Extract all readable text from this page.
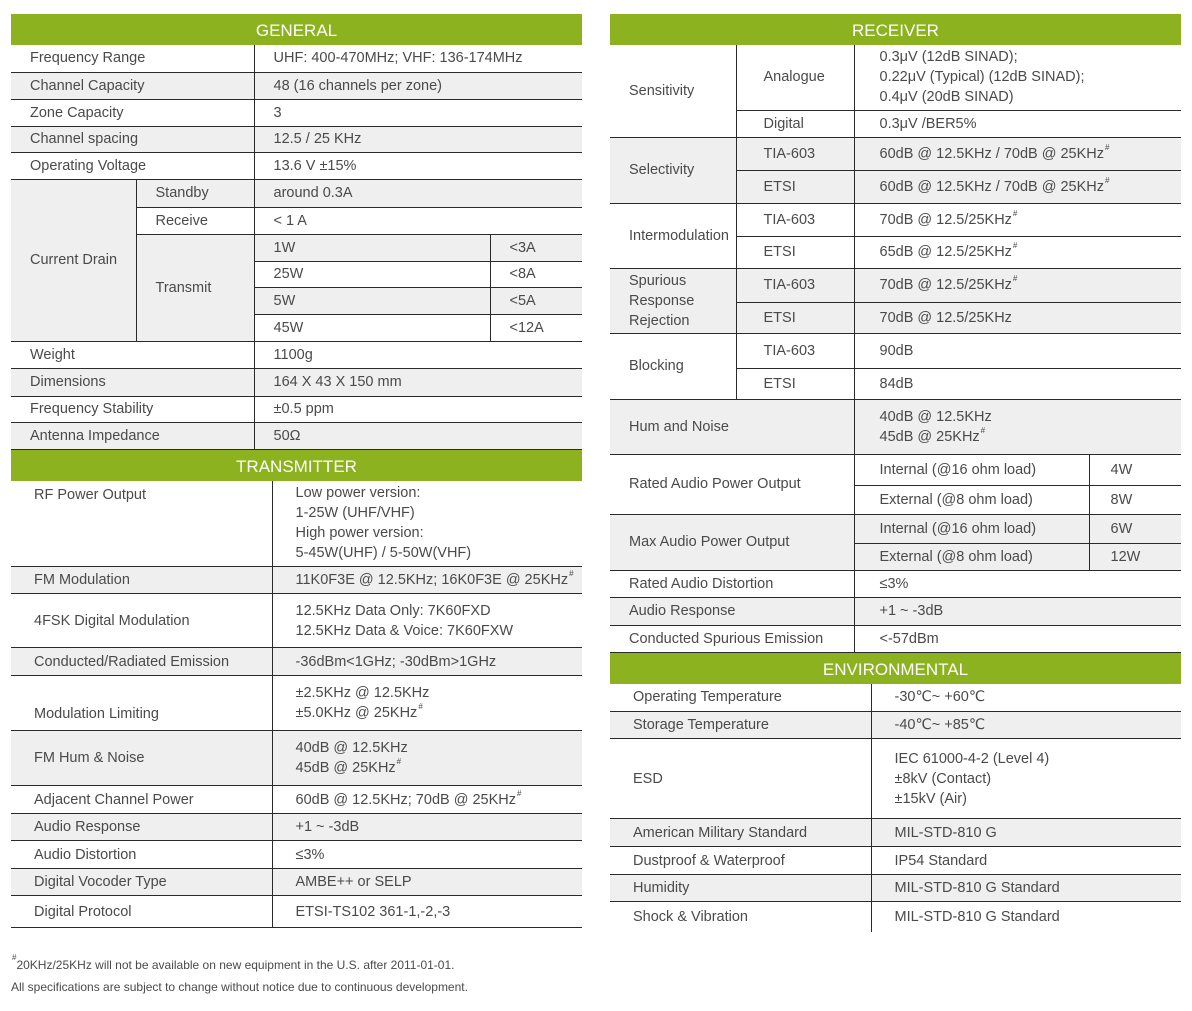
GENERAL
Frequency Range		UHF: 400-470MHz; VHF: 136-174MHz	
Channel Capacity		48 (16 channels per zone)	
Zone Capacity		3	
Channel spacing		12.5 / 25 KHz	
Operating Voltage		13.6 V ±15%	
Current Drain	Standby	around 0.3A	
	Receive	< 1 A	
	Transmit	1W	<3A
		25W	<8A
		5W	<5A
		45W	<12A
Weight		1100g	
Dimensions		164 X 43 X 150 mm	
Frequency Stability		±0.5 ppm	
Antenna Impedance		50Ω	
TRANSMITTER
RF Power Output	Low power version:
1-25W (UHF/VHF)
High power version:
5-45W(UHF) / 5-50W(VHF)

FM Modulation	11K0F3E @ 12.5KHz; 16K0F3E @ 25KHz#
4FSK Digital Modulation	12.5KHz Data Only: 7K60FXD
12.5KHz Data & Voice: 7K60FXW

Conducted/Radiated Emission	-36dBm<1GHz; -30dBm>1GHz
Modulation Limiting	±2.5KHz @ 12.5KHz
±5.0KHz @ 25KHz#

FM Hum & Noise	40dB @ 12.5KHz
45dB @ 25KHz#

Adjacent Channel Power	60dB @ 12.5KHz; 70dB @ 25KHz#
Audio Response	+1 ~ -3dB
Audio Distortion	≤3%
Digital Vocoder Type	AMBE++ or SELP
Digital Protocol	ETSI-TS102 361-1,-2,-3
RECEIVER
Sensitivity	Analogue	0.3μV (12dB SINAD);
0.22μV (Typical) (12dB SINAD);
0.4μV (20dB SINAD)	

	Digital	0.3μV /BER5%	
Selectivity	TIA-603	60dB @ 12.5KHz / 70dB @ 25KHz#
	ETSI	60dB @ 12.5KHz / 70dB @ 25KHz#
Intermodulation	TIA-603	70dB @ 12.5/25KHz#
	ETSI	65dB @ 12.5/25KHz#

Spurious
Response
Rejection	TIA-603	70dB @ 12.5/25KHz#
	ETSI	70dB @ 12.5/25KHz	
Blocking	TIA-603	90dB	
	ETSI	84dB	
Hum and Noise		40dB @ 12.5KHz
45dB @ 25KHz#

Rated Audio Power Output		Internal (@16 ohm load)	4W
		External (@8 ohm load)	8W
Max Audio Power Output		Internal (@16 ohm load)	6W
		External (@8 ohm load)	12W
Rated Audio Distortion		≤3%	
Audio Response		+1 ~ -3dB	
Conducted Spurious Emission		<-57dBm	
ENVIRONMENTAL
Operating Temperature	-30℃~ +60℃
Storage Temperature	-40℃~ +85℃
ESD	IEC 61000-4-2 (Level 4)
±8kV (Contact)
±15kV (Air)

American Military Standard	MIL-STD-810 G
Dustproof & Waterproof	IP54 Standard
Humidity	MIL-STD-810 G Standard
Shock & Vibration	MIL-STD-810 G Standard
#20KHz/25KHz will not be available on new equipment in the U.S. after 2011-01-01.
All specifications are subject to change without notice due to continuous development.
